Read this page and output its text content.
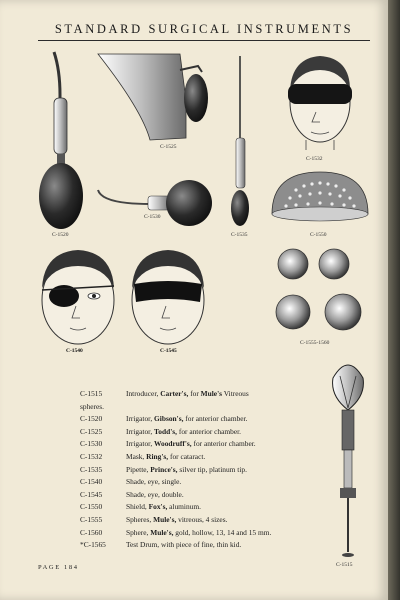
STANDARD SURGICAL INSTRUMENTS
C-1525
C-1532
C-1520
C-1530
C-1535	C-1550
C-1540	C-1545
C-1555-1560
C-1515
C-1515	Introducer, Carter's, for Mule's Vitreous
spheres.
C-1520	Irrigator, Gibson's, for anterior chamber.
C-1525	Irrigator, Todd's, for anterior chamber.
C-1530	Irrigator, Woodruff's, for anterior chamber.
C-1532	Mask, Ring's, for cataract.
C-1535	Pipette, Prince's, silver tip, platinum tip.
C-1540	Shade, eye, single.
C-1545	Shade, eye, double.
C-1550	Shield, Fox's, aluminum.
C-1555	Spheres, Mule's, vitreous, 4 sizes.
C-1560	Sphere, Mule's, gold, hollow, 13, 14 and 15 mm.
*C-1565	Test Drum, with piece of fine, thin kid.
PAGE 184
